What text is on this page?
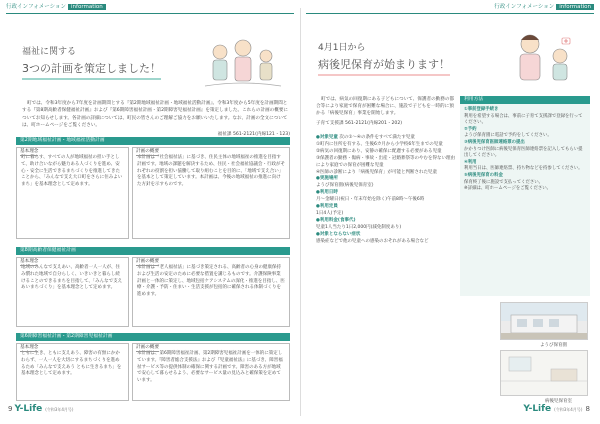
行政インフォメーション information
福祉に関する
3つの計画を策定しました！
町では、令和3年度から7年度を計画期間とする『第2期地域福祉計画・地域福祉活動計画』、令和3年度から5年度を計画期間とする『第8期高齢者保健福祉計画』および『第6期障害福祉計画・第2期障害児福祉計画』を策定しました。これらの計画の概要についてお知らせします。各計画の詳細については、町民の皆さんのご理解ご協力をお願いいたします。なお、計画の全文については、町ホームページをご覧ください。
福祉課 561-2121(内線121・123)
第2期地域福祉計画・地域福祉活動計画
基本理念
町に暮らす、すべての人が地域福祉の担い手として、助け合いながら魅力ある人づくりを進め、安心・安全に生活できるまちづくりを推進してきたことから、「みんなで支え大口町をさらに住みよいまち」を基本理念として定めます。
計画の概要
本計画は「社会福祉法」に基づき、住民主体の地域福祉の推進を目指す計画です。地域の課題を解決するため、住民・社会福祉協議会・行政がそれぞれの役割を担い協働して取り組むことを目的に、「地域で支え合い」を基本として策定しています。本計画は、今後の地域福祉の推進に向けた方針を示すものです。
第8期高齢者保健福祉計画
基本理念
地域のみんなで支えあい、高齢者一人一人が、住み慣れた地域で自分らしく、いきいきと暮らし続けることのできるまちを目指して、「みんなで支えあいまちづくり」を基本理念として定めます。
計画の概要
本計画は「老人福祉法」に基づき策定される、高齢者の心身の健康保持および生活の安定のために必要な措置を講じるものです。介護保険事業計画と一体的に策定し、地域包括ケアシステムの深化・推進を目指し、医療・介護・予防・住まい・生活支援が包括的に確保される体制づくりを進めます。
第6期障害福祉計画・第2期障害児福祉計画
基本理念
ともに生き、ともに支えあう、障害の有無にかかわらず、一人一人を大切にするまちづくりを進めるため「みんなで支えあう ともに生きるまち」を基本理念として定めます。
計画の概要
本計画は、第6期障害福祉計画、第2期障害児福祉計画を一体的に策定しています。『障害者総合支援法』および『児童福祉法』に基づき、障害福祉サービス等の提供体制の確保に関する計画です。障害のある方が地域で安心して暮らせるよう、必要なサービス量の見込みと確保策を定めています。
9 Y-Life (令和3年4月号)
行政インフォメーション information
4月1日から
病後児保育が始まります！
町では、病気の回復期にある子どもについて、保護者の勤務の都合等により家庭で保育が困難な場合に、施設で子どもを一時的に預かる「病後児保育」事業を開始します。
子育て支援課 561-2121(内線201・202)
●対象児童 次の①～④の条件をすべて満たす児童
①町内に住所を有する、生後6カ月から小学校6年生までの児童
②病気の回復期にあり、安静の確保に配慮する必要がある児童
③保護者の勤務・傷病・事故・出産・冠婚葬祭等のやむを得ない理由により家庭での保育が困難な児童
④医師の診断により「病後児保育」が可能と判断された児童
●実施場所
ようび保育園(病後児保育室)
●利用日時
月～金曜日(祝日・年末年始を除く)午前8時～午後6時
●利用定員
1日4人(予定)
●利用料金(食事代)
児童1人当たり1日2,000円(減免制度あり)
●対象とならない症状
感染症などで他の児童への感染のおそれがある場合など
利用方法
①事前登録手続き
利用を希望する場合は、事前に子育て支援課で登録を行ってください。
②予約
ようび保育園に電話で予約をしてください。
③病後児保育医師連絡票の提出
かかりつけ医師に病後児保育医師連絡票を記入してもらい提出してください。
④利用
利用当日は、医師連絡票、持ち物などを持参してください。
⑤病後児保育の料金
保育終了後に施設で支払ってください。
※詳細は、町ホームページをご覧ください。
ようび保育園
病後児保育室
Y-Life (令和3年4月号) 8
